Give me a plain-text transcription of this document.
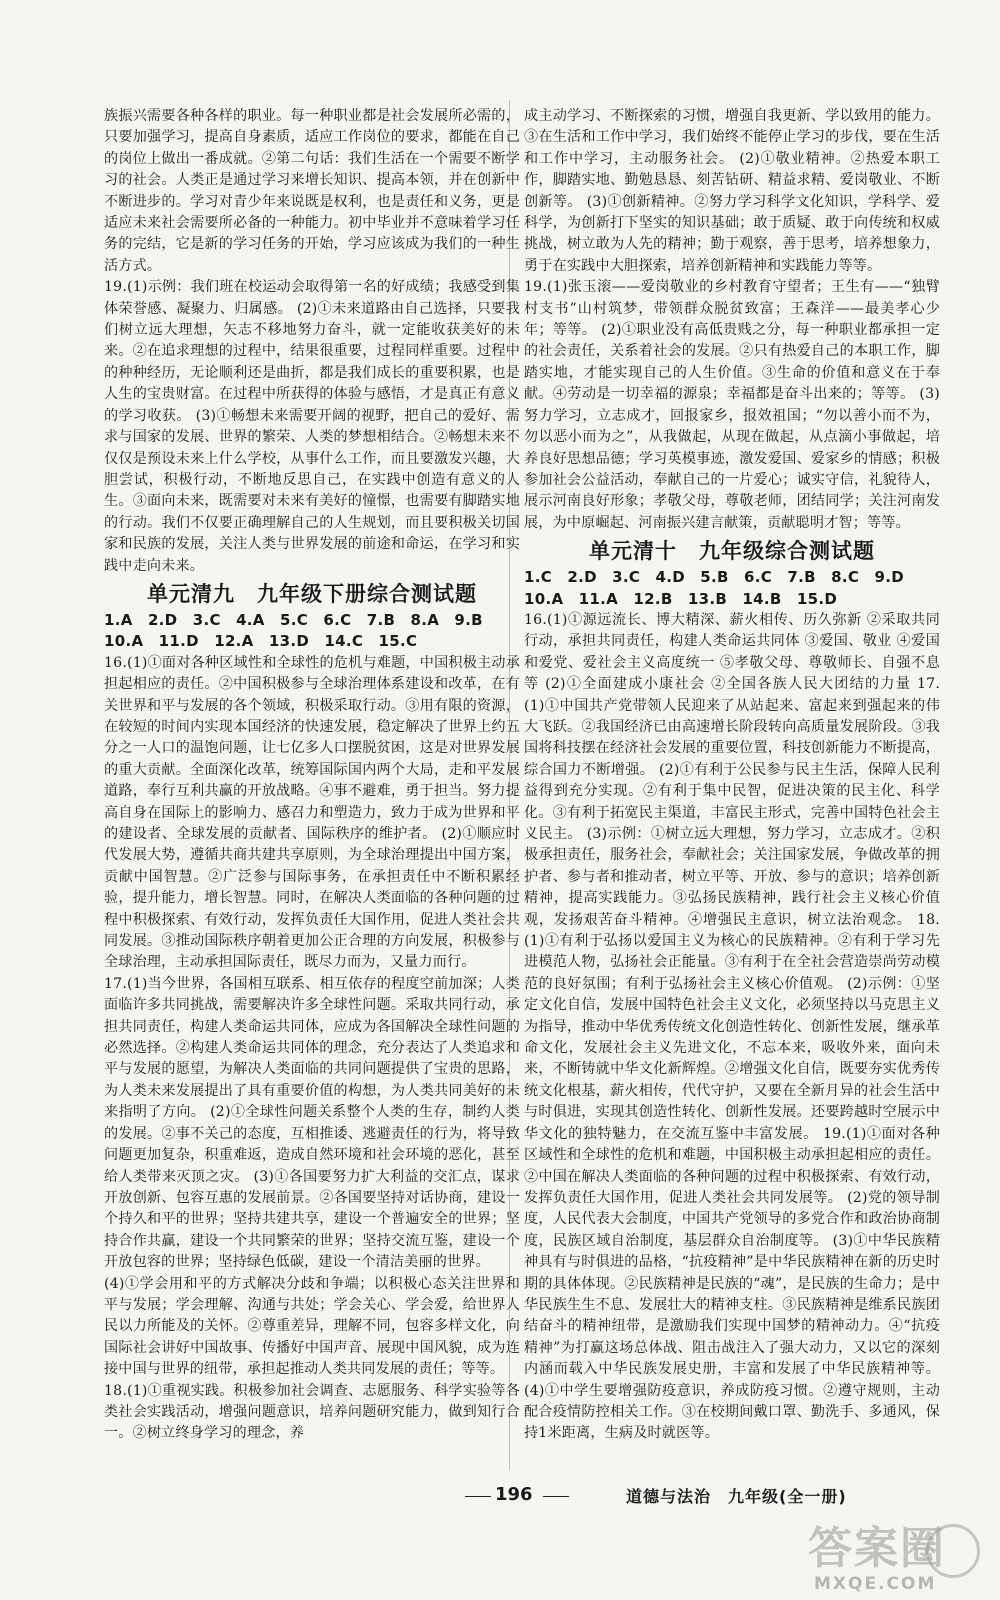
族振兴需要各种各样的职业。每一种职业都是社会发展所必需的，只要加强学习，提高自身素质，适应工作岗位的要求，都能在自己的岗位上做出一番成就。②第二句话：我们生活在一个需要不断学习的社会。人类正是通过学习来增长知识、提高本领，并在创新中不断进步的。学习对青少年来说既是权利，也是责任和义务，更是适应未来社会需要所必备的一种能力。初中毕业并不意味着学习任务的完结，它是新的学习任务的开始，学习应该成为我们的一种生活方式。

19.(1)示例：我们班在校运动会取得第一名的好成绩；我感受到集体荣誉感、凝聚力、归属感。 (2)①未来道路由自己选择，只要我们树立远大理想，矢志不移地努力奋斗，就一定能收获美好的未来。②在追求理想的过程中，结果很重要，过程同样重要。过程中的种种经历，无论顺利还是曲折，都是我们成长的重要积累，也是人生的宝贵财富。在过程中所获得的体验与感悟，才是真正有意义的学习收获。 (3)①畅想未来需要开阔的视野，把自己的爱好、需求与国家的发展、世界的繁荣、人类的梦想相结合。②畅想未来不仅仅是预设未来上什么学校，从事什么工作，而且要激发兴趣，大胆尝试，积极行动，不断地反思自己，在实践中创造有意义的人生。③面向未来，既需要对未来有美好的憧憬，也需要有脚踏实地的行动。我们不仅要正确理解自己的人生规划，而且要积极关切国家和民族的发展，关注人类与世界发展的前途和命运，在学习和实践中走向未来。

单元清九　九年级下册综合测试题
1.A　2.D　3.C　4.A　5.C　6.C　7.B　8.A　9.B
10.A　11.D　12.A　13.D　14.C　15.C

16.(1)①面对各种区域性和全球性的危机与难题，中国积极主动承担起相应的责任。②中国积极参与全球治理体系建设和改革，在有关世界和平与发展的各个领域，积极采取行动。③用有限的资源，在较短的时间内实现本国经济的快速发展，稳定解决了世界上约五分之一人口的温饱问题，让七亿多人口摆脱贫困，这是对世界发展的重大贡献。全面深化改革，统筹国际国内两个大局，走和平发展道路，奉行互利共赢的开放战略。④事不避难，勇于担当。努力提高自身在国际上的影响力、感召力和塑造力，致力于成为世界和平的建设者、全球发展的贡献者、国际秩序的维护者。 (2)①顺应时代发展大势，遵循共商共建共享原则，为全球治理提出中国方案，贡献中国智慧。②广泛参与国际事务，在承担责任中不断积累经验，提升能力，增长智慧。同时，在解决人类面临的各种问题的过程中积极探索、有效行动，发挥负责任大国作用，促进人类社会共同发展。③推动国际秩序朝着更加公正合理的方向发展，积极参与全球治理，主动承担国际责任，既尽力而为，又量力而行。

17.(1)当今世界，各国相互联系、相互依存的程度空前加深；人类面临许多共同挑战，需要解决许多全球性问题。采取共同行动，承担共同责任，构建人类命运共同体，应成为各国解决全球性问题的必然选择。②构建人类命运共同体的理念，充分表达了人类追求和平与发展的愿望，为解决人类面临的共同问题提供了宝贵的思路，为人类未来发展提出了具有重要价值的构想，为人类共同美好的未来指明了方向。 (2)①全球性问题关系整个人类的生存，制约人类的发展。②事不关己的态度，互相推诿、逃避责任的行为，将导致问题更加复杂，积重难返，造成自然环境和社会环境的恶化，甚至给人类带来灭顶之灾。 (3)①各国要努力扩大利益的交汇点，谋求开放创新、包容互惠的发展前景。②各国要坚持对话协商，建设一个持久和平的世界；坚持共建共享，建设一个普遍安全的世界；坚持合作共赢，建设一个共同繁荣的世界；坚持交流互鉴，建设一个开放包容的世界；坚持绿色低碳，建设一个清洁美丽的世界。

(4)①学会用和平的方式解决分歧和争端；以积极心态关注世界和平与发展；学会理解、沟通与共处；学会关心、学会爱，给世界人民以力所能及的关怀。②尊重差异，理解不同，包容多样文化，向国际社会讲好中国故事、传播好中国声音、展现中国风貌，成为连接中国与世界的纽带，承担起推动人类共同发展的责任；等等。

18.(1)①重视实践。积极参加社会调查、志愿服务、科学实验等各类社会实践活动，增强问题意识，培养问题研究能力，做到知行合一。②树立终身学习的理念，养

成主动学习、不断探索的习惯，增强自我更新、学以致用的能力。③在生活和工作中学习，我们始终不能停止学习的步伐，要在生活和工作中学习，主动服务社会。 (2)①敬业精神。②热爱本职工作，脚踏实地、勤勉恳恳、刻苦钻研、精益求精、爱岗敬业、不断创新等。 (3)①创新精神。②努力学习科学文化知识，学科学、爱科学，为创新打下坚实的知识基础；敢于质疑、敢于向传统和权威挑战，树立敢为人先的精神；勤于观察，善于思考，培养想象力，勇于在实践中大胆探索，培养创新精神和实践能力等等。

19.(1)张玉滚——爱岗敬业的乡村教育守望者；王生有——“独臂村支书”山村筑梦，带领群众脱贫致富；王森洋——最美孝心少年；等等。 (2)①职业没有高低贵贱之分，每一种职业都承担一定的社会责任，关系着社会的发展。②只有热爱自己的本职工作，脚踏实地，才能实现自己的人生价值。③生命的价值和意义在于奉献。④劳动是一切幸福的源泉；幸福都是奋斗出来的；等等。 (3)努力学习，立志成才，回报家乡，报效祖国；“勿以善小而不为，勿以恶小而为之”，从我做起，从现在做起，从点滴小事做起，培养良好思想品德；学习英模事迹，激发爱国、爱家乡的情感；积极参加社会公益活动，奉献自己的一片爱心；诚实守信，礼貌待人，展示河南良好形象；孝敬父母，尊敬老师，团结同学；关注河南发展，为中原崛起、河南振兴建言献策，贡献聪明才智；等等。

单元清十　九年级综合测试题
1.C　2.D　3.C　4.D　5.B　6.C　7.B　8.C　9.D
10.A　11.A　12.B　13.B　14.B　15.D

16.(1)①源远流长、博大精深、薪火相传、历久弥新 ②采取共同行动，承担共同责任，构建人类命运共同体 ③爱国、敬业 ④爱国和爱党、爱社会主义高度统一 ⑤孝敬父母、尊敬师长、自强不息等 (2)①全面建成小康社会 ②全国各族人民大团结的力量 17.(1)①中国共产党带领人民迎来了从站起来、富起来到强起来的伟大飞跃。②我国经济已由高速增长阶段转向高质量发展阶段。③我国将科技摆在经济社会发展的重要位置，科技创新能力不断提高，综合国力不断增强。 (2)①有利于公民参与民主生活，保障人民利益得到充分实现。②有利于集中民智，促进决策的民主化、科学化。③有利于拓宽民主渠道，丰富民主形式，完善中国特色社会主义民主。 (3)示例：①树立远大理想，努力学习，立志成才。②积极承担责任，服务社会，奉献社会；关注国家发展，争做改革的拥护者、参与者和推动者，树立平等、开放、参与的意识；培养创新精神，提高实践能力。③弘扬民族精神，践行社会主义核心价值观，发扬艰苦奋斗精神。④增强民主意识，树立法治观念。 18.(1)①有利于弘扬以爱国主义为核心的民族精神。②有利于学习先进模范人物，弘扬社会正能量。③有利于在全社会营造崇尚劳动模范的良好氛围；有利于弘扬社会主义核心价值观。 (2)示例：①坚定文化自信，发展中国特色社会主义文化，必须坚持以马克思主义为指导，推动中华优秀传统文化创造性转化、创新性发展，继承革命文化，发展社会主义先进文化，不忘本来，吸收外来，面向未来，不断铸就中华文化新辉煌。②增强文化自信，既要夯实优秀传统文化根基，薪火相传，代代守护，又要在全新月异的社会生活中与时俱进，实现其创造性转化、创新性发展。还要跨越时空展示中华文化的独特魅力，在交流互鉴中丰富发展。 19.(1)①面对各种区域性和全球性的危机和难题，中国积极主动承担起相应的责任。②中国在解决人类面临的各种问题的过程中积极探索、有效行动，发挥负责任大国作用，促进人类社会共同发展等。 (2)党的领导制度，人民代表大会制度，中国共产党领导的多党合作和政治协商制度，民族区域自治制度，基层群众自治制度等。 (3)①中华民族精神具有与时俱进的品格，“抗疫精神”是中华民族精神在新的历史时期的具体体现。②民族精神是民族的“魂”，是民族的生命力；是中华民族生生不息、发展壮大的精神支柱。③民族精神是维系民族团结奋斗的精神纽带，是激励我们实现中国梦的精神动力。④“抗疫精神”为打赢这场总体战、阻击战注入了强大动力，又以它的深刻内涵而载入中华民族发展史册，丰富和发展了中华民族精神等。 (4)①中学生要增强防疫意识，养成防疫习惯。②遵守规则，主动配合疫情防控相关工作。③在校期间戴口罩、勤洗手、多通风，保持1米距离，生病及时就医等。

196	道德与法治　九年级(全一册)
答案圈
MXQE.COM
